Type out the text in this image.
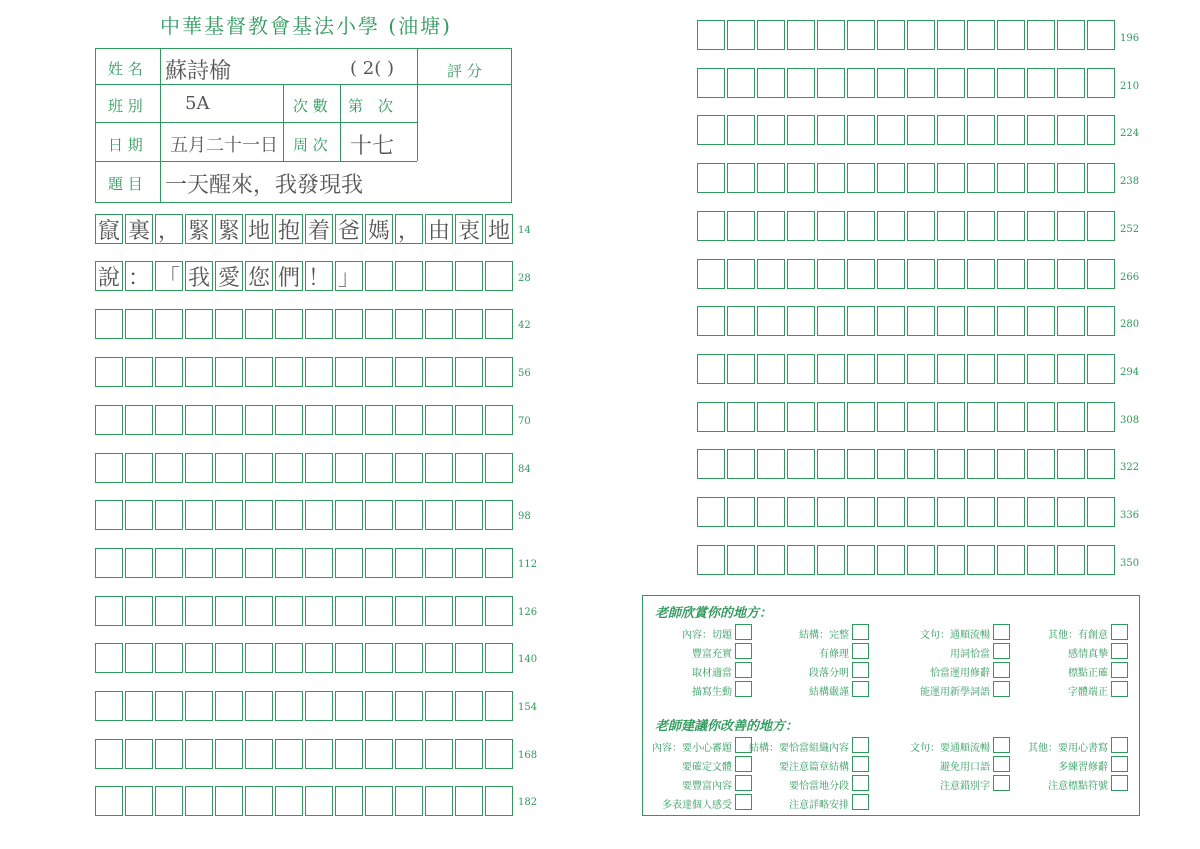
中華基督教會基法小學 (油塘)
姓 名
班 別
日 期
題 目
次 數
周 次
第　次
評 分
蘇詩榆	( 2( )
5A
五月二十一日	十七
一天醒來，我發現我
竄 裏 ， 緊 緊 地 抱 着 爸 媽 ， 由 衷 地
說 ： 「 我 愛 您 們 ！ 」
14
28
42
56
70
84
98
112
126
140
154
168
182
196
210
224
238
252
266
280
294
308
322
336
350
老師欣賞你的地方：
老師建議你改善的地方：
內容：切題
豐富充實
取材適當
描寫生動
結構：完整
有條理
段落分明
結構嚴謹
文句：通順流暢
用詞恰當
恰當運用修辭
能運用新學詞語
其他：有創意
感情真摯
標點正確
字體端正
內容：要小心審題
要確定文體
要豐富內容
多表達個人感受
結構：要恰當組織內容
要注意篇章結構
要恰當地分段
注意詳略安排
文句：要通順流暢
避免用口語
注意錯別字
其他：要用心書寫
多練習修辭
注意標點符號
